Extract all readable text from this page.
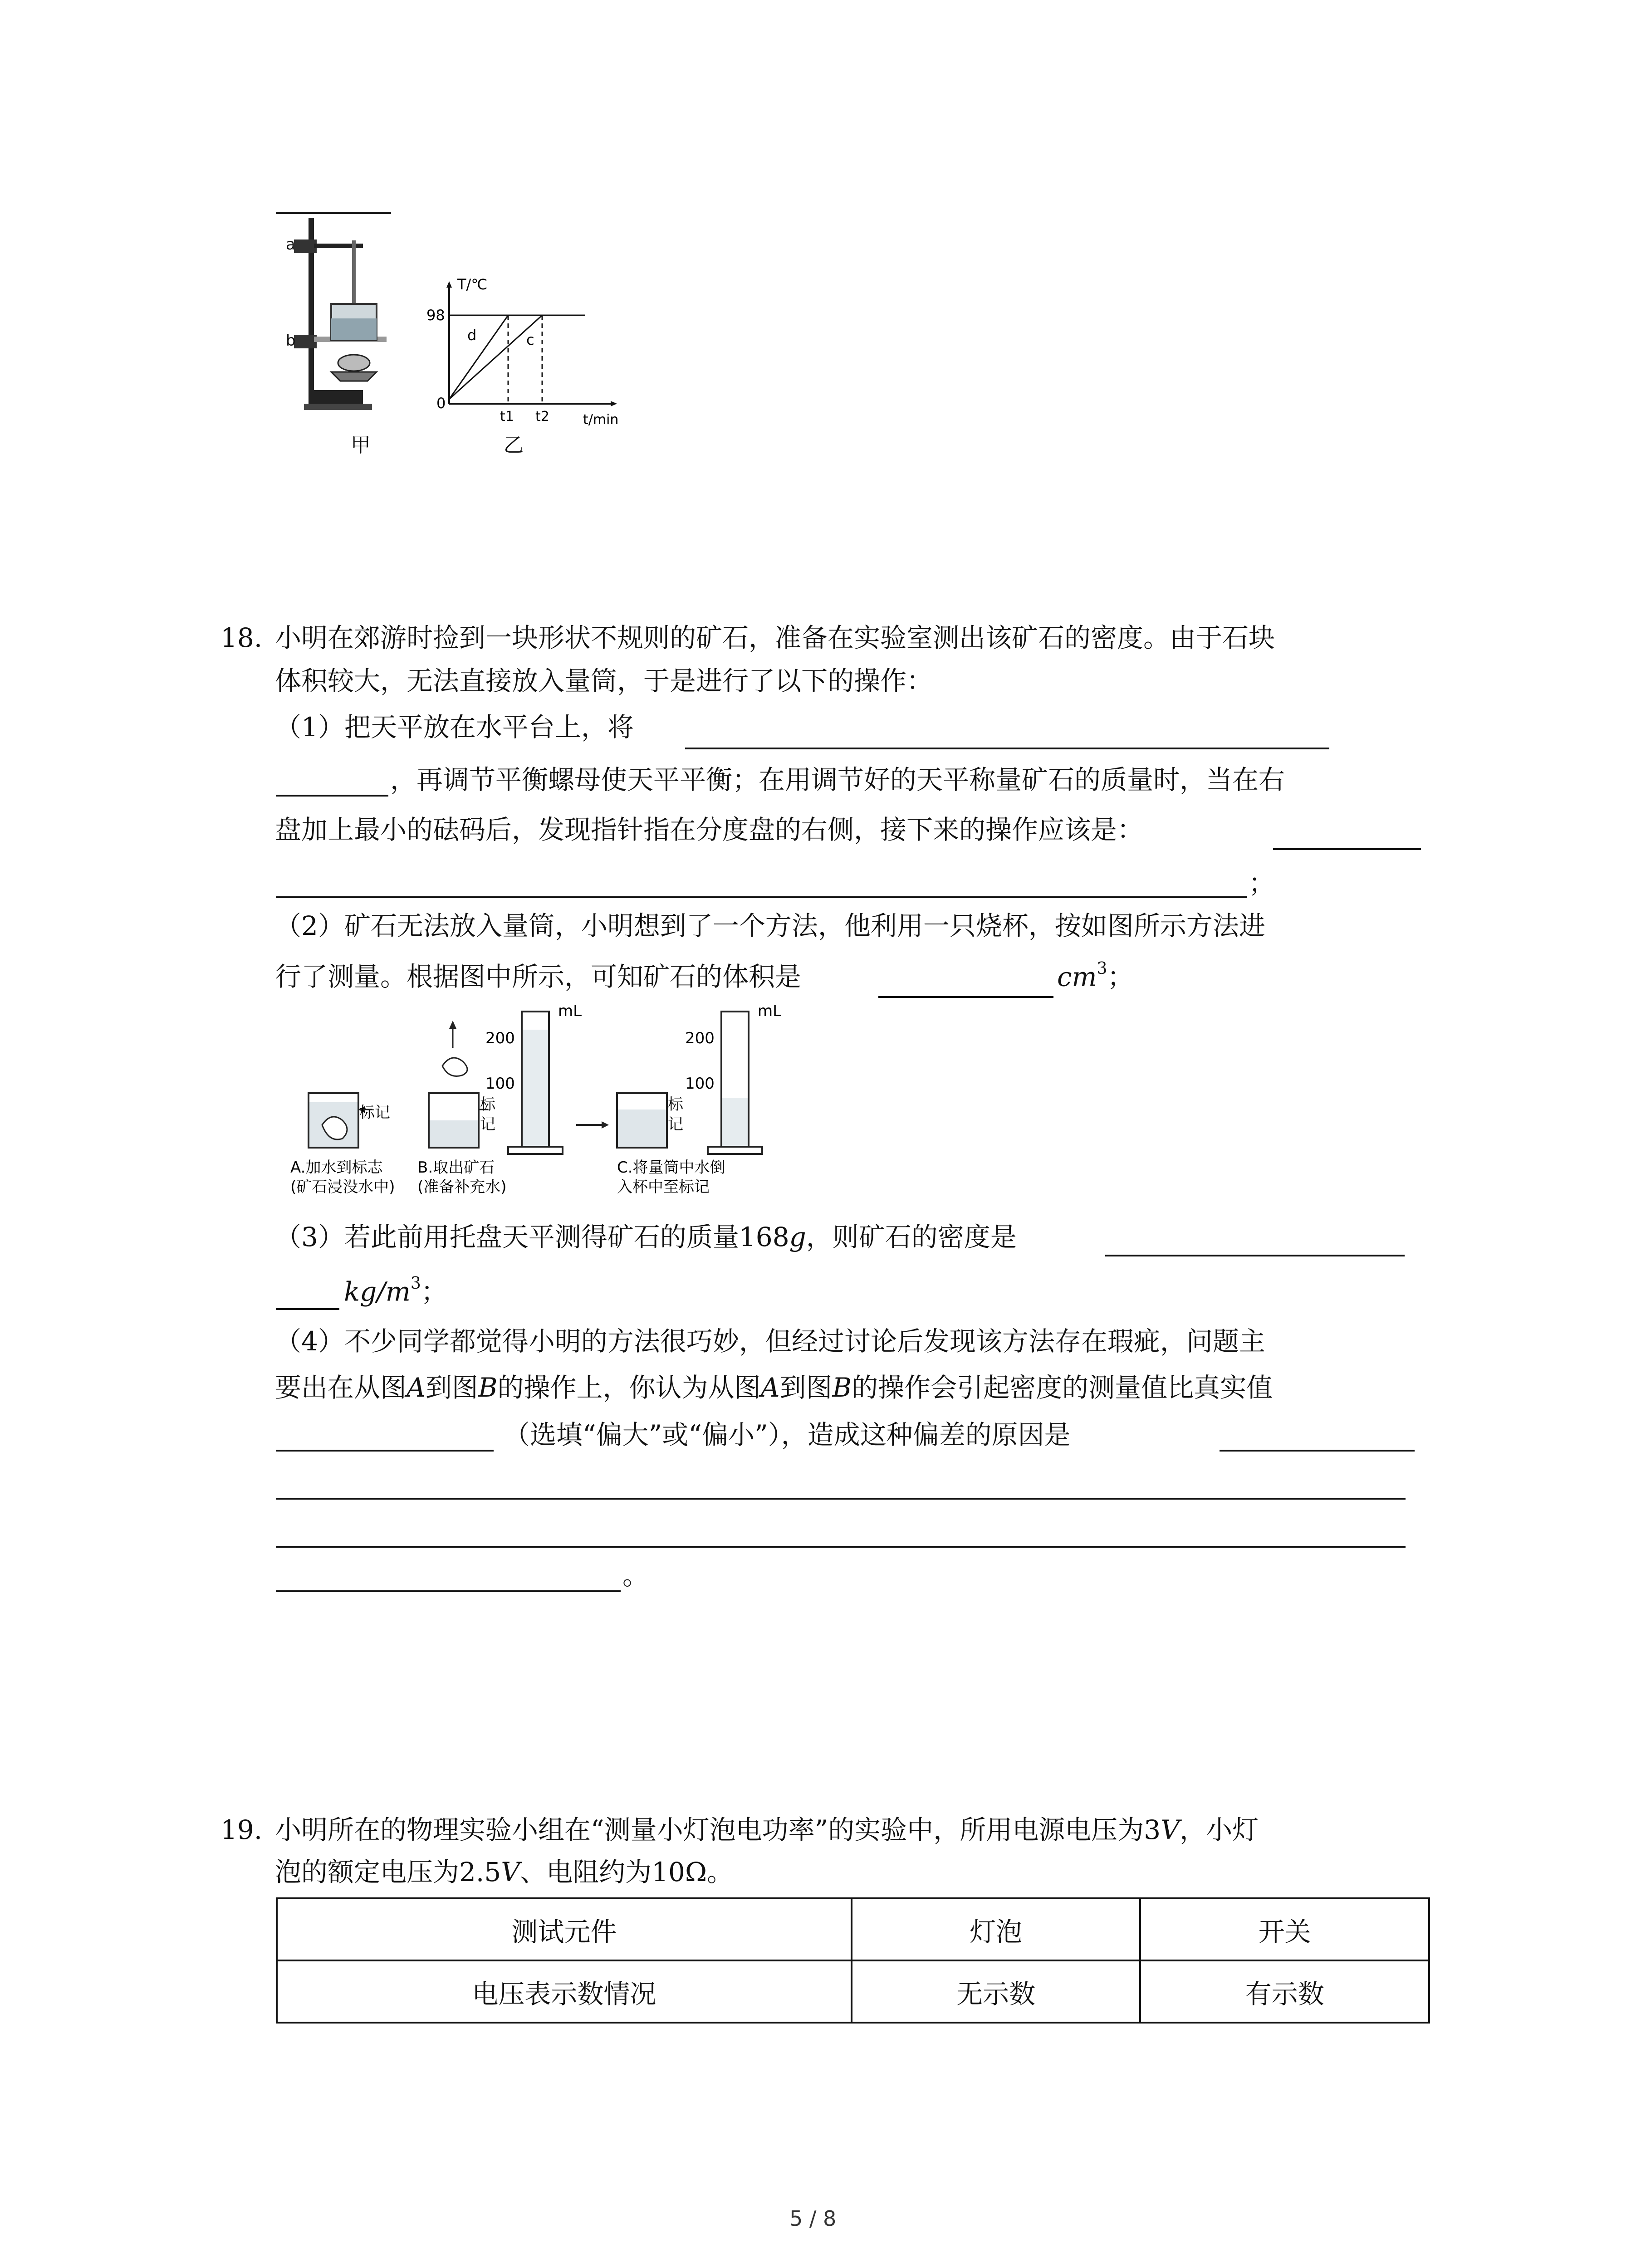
a
b
T/℃
98
0
d	c
t1 t2 t/min
甲	乙
18. 小明在郊游时捡到一块形状不规则的矿石，准备在实验室测出该矿石的密度。由于石块
体积较大，无法直接放入量筒，于是进行了以下的操作：
（1）把天平放在水平台上，将
，再调节平衡螺母使天平平衡；在用调节好的天平称量矿石的质量时，当在右
盘加上最小的砝码后，发现指针指在分度盘的右侧，接下来的操作应该是：
；
（2）矿石无法放入量筒，小明想到了一个方法，他利用一只烧杯，按如图所示方法进
行了测量。根据图中所示，可知矿石的体积是	$cm^3$；
标记	标
记
mL
200
100
标
记
mL
200
100
A.加水到标志
(矿石浸没水中)
B.取出矿石
(准备补充水)
C.将量筒中水倒
入杯中至标记
（3）若此前用托盘天平测得矿石的质量168g，则矿石的密度是
$kg/m^3$；
（4）不少同学都觉得小明的方法很巧妙，但经过讨论后发现该方法存在瑕疵，问题主
要出在从图A到图B的操作上，你认为从图A到图B的操作会引起密度的测量值比真实值
（选填“偏大”或“偏小”），造成这种偏差的原因是
。
19. 小明所在的物理实验小组在“测量小灯泡电功率”的实验中，所用电源电压为3V，小灯
泡的额定电压为2.5V、电阻约为10Ω。
测试元件	灯泡	开关
电压表示数情况	无示数	有示数
5 / 8
